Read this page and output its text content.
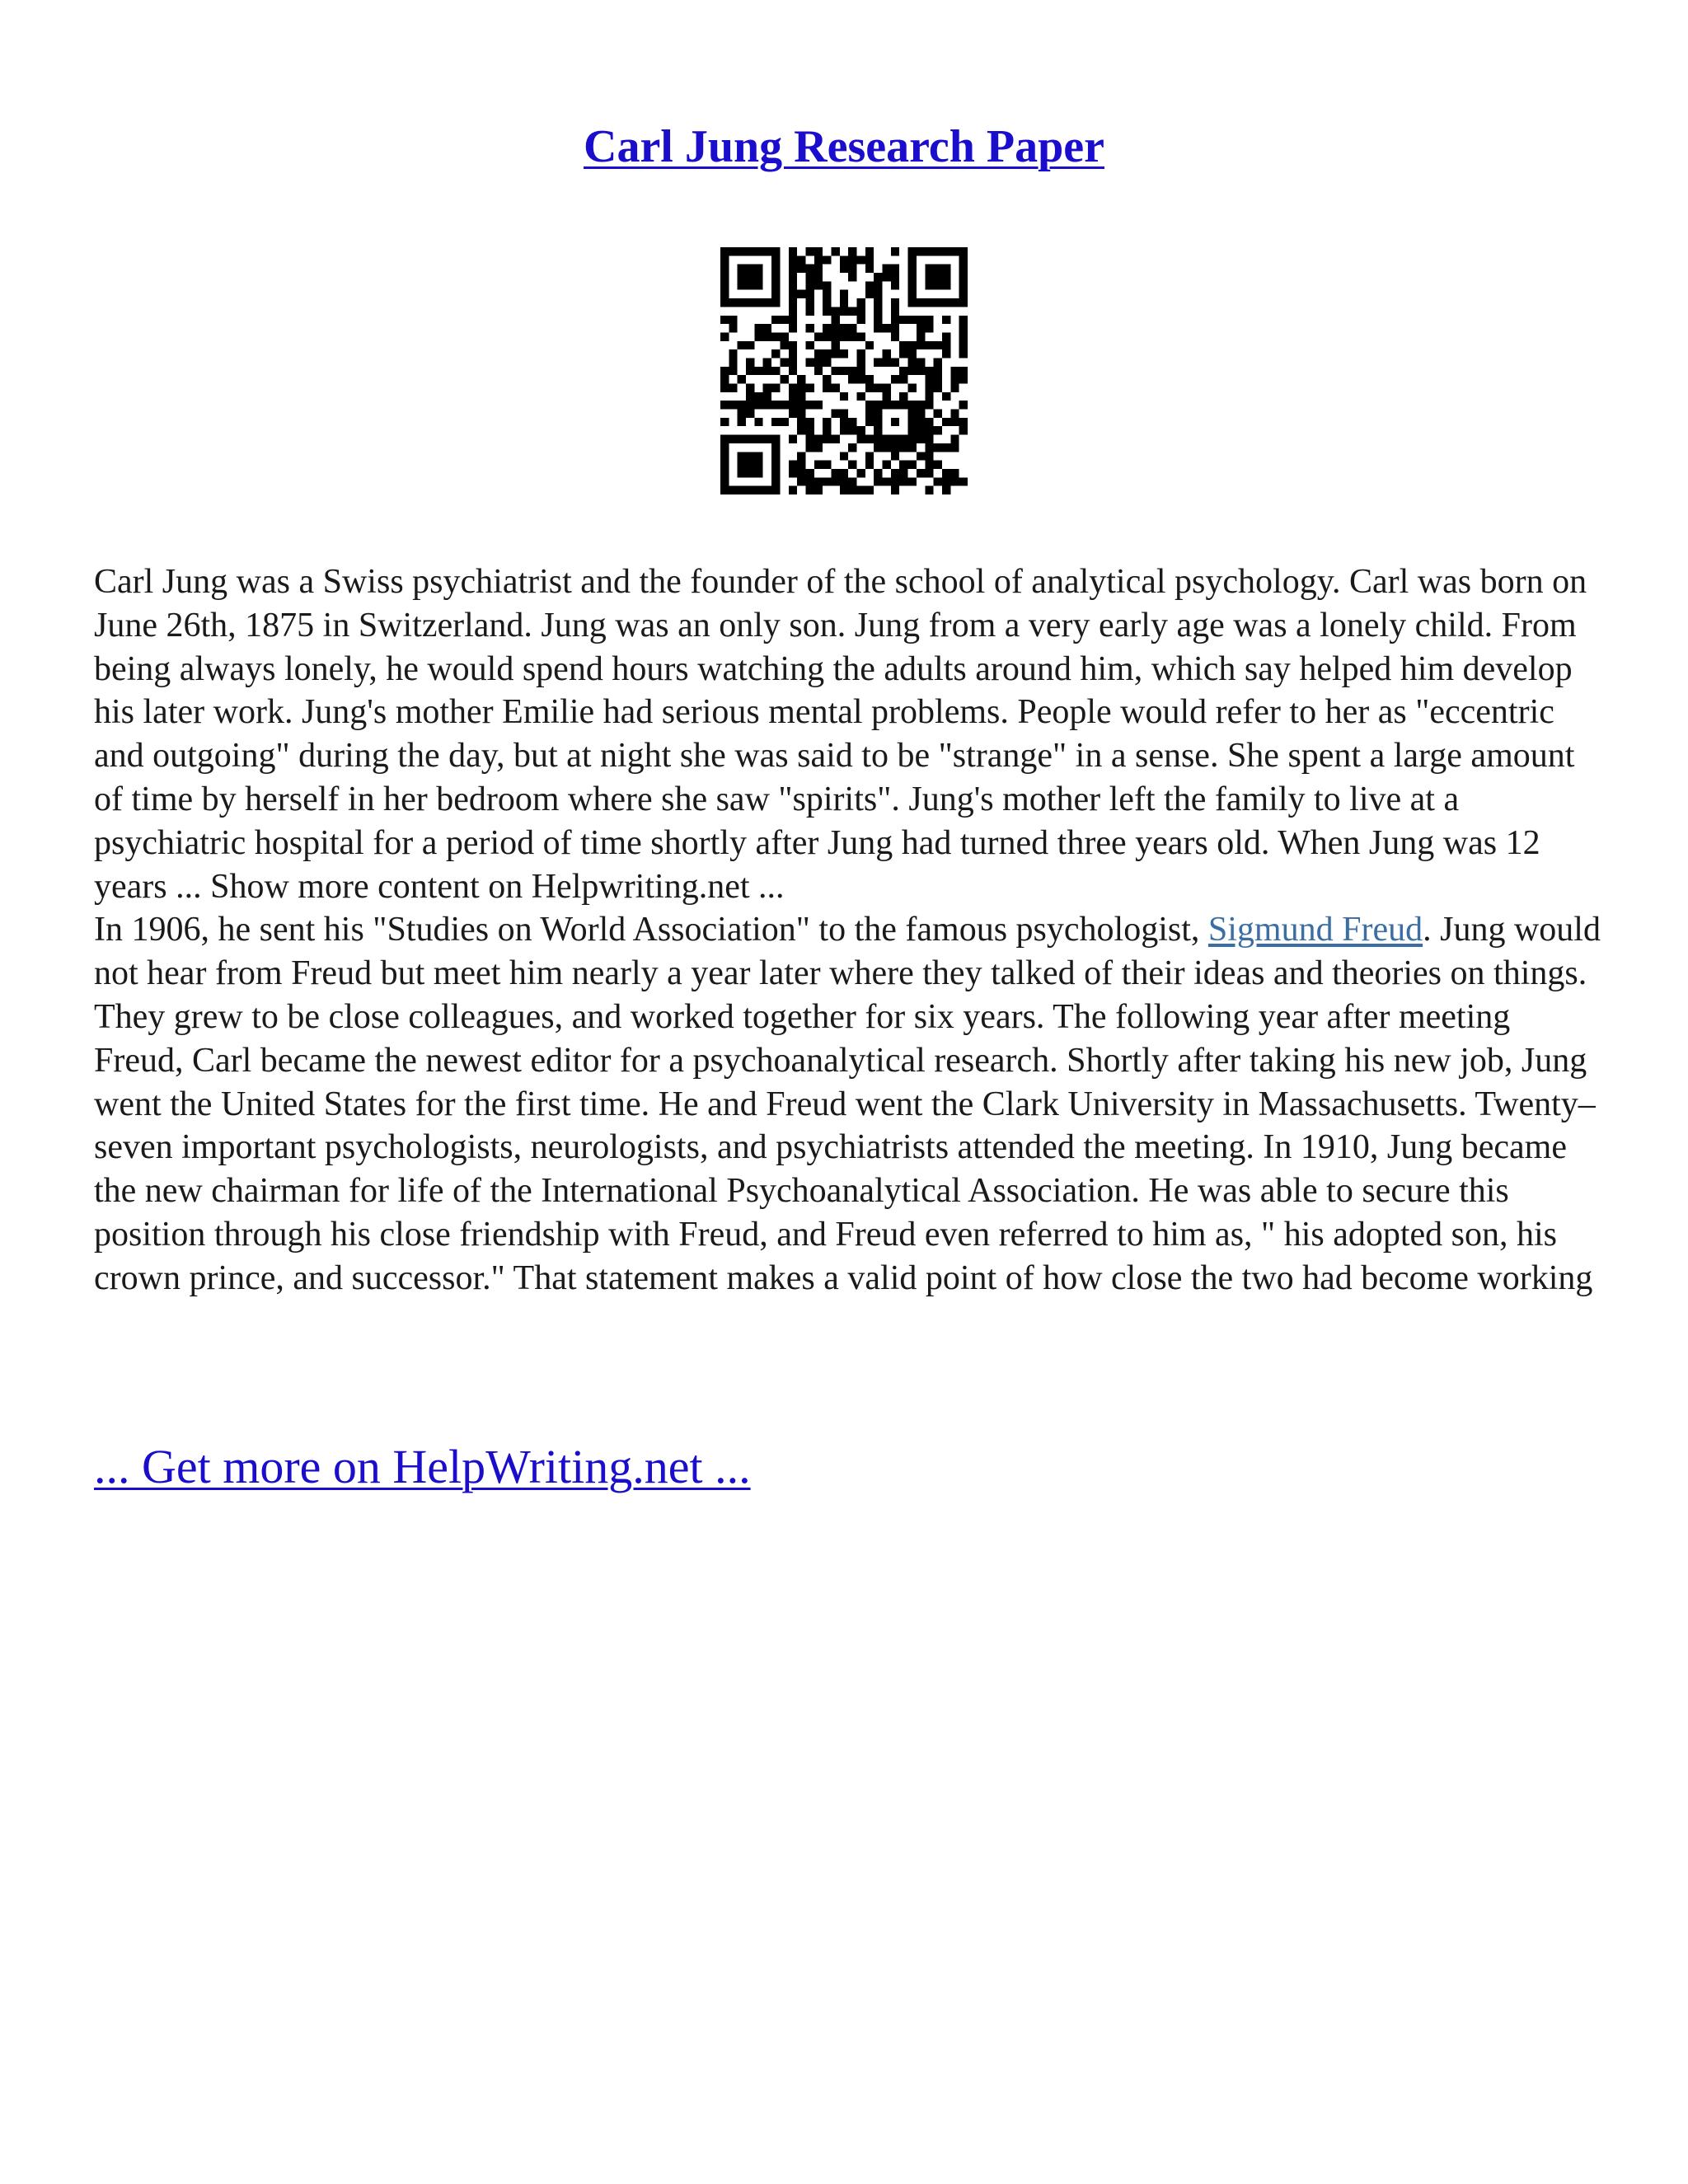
Carl Jung Research Paper

Carl Jung was a Swiss psychiatrist and the founder of the school of analytical psychology. Carl was born on June 26th, 1875 in Switzerland. Jung was an only son. Jung from a very early age was a lonely child. From being always lonely, he would spend hours watching the adults around him, which say helped him develop his later work. Jung's mother Emilie had serious mental problems. People would refer to her as "eccentric and outgoing" during the day, but at night she was said to be "strange" in a sense. She spent a large amount of time by herself in her bedroom where she saw "spirits". Jung's mother left the family to live at a psychiatric hospital for a period of time shortly after Jung had turned three years old. When Jung was 12 years ... Show more content on Helpwriting.net ...

In 1906, he sent his "Studies on World Association" to the famous psychologist, Sigmund Freud. Jung would not hear from Freud but meet him nearly a year later where they talked of their ideas and theories on things. They grew to be close colleagues, and worked together for six years. The following year after meeting Freud, Carl became the newest editor for a psychoanalytical research. Shortly after taking his new job, Jung went the United States for the first time. He and Freud went the Clark University in Massachusetts. Twenty–seven important psychologists, neurologists, and psychiatrists attended the meeting. In 1910, Jung became the new chairman for life of the International Psychoanalytical Association. He was able to secure this position through his close friendship with Freud, and Freud even referred to him as, " his adopted son, his crown prince, and successor." That statement makes a valid point of how close the two had become working

... Get more on HelpWriting.net ...
